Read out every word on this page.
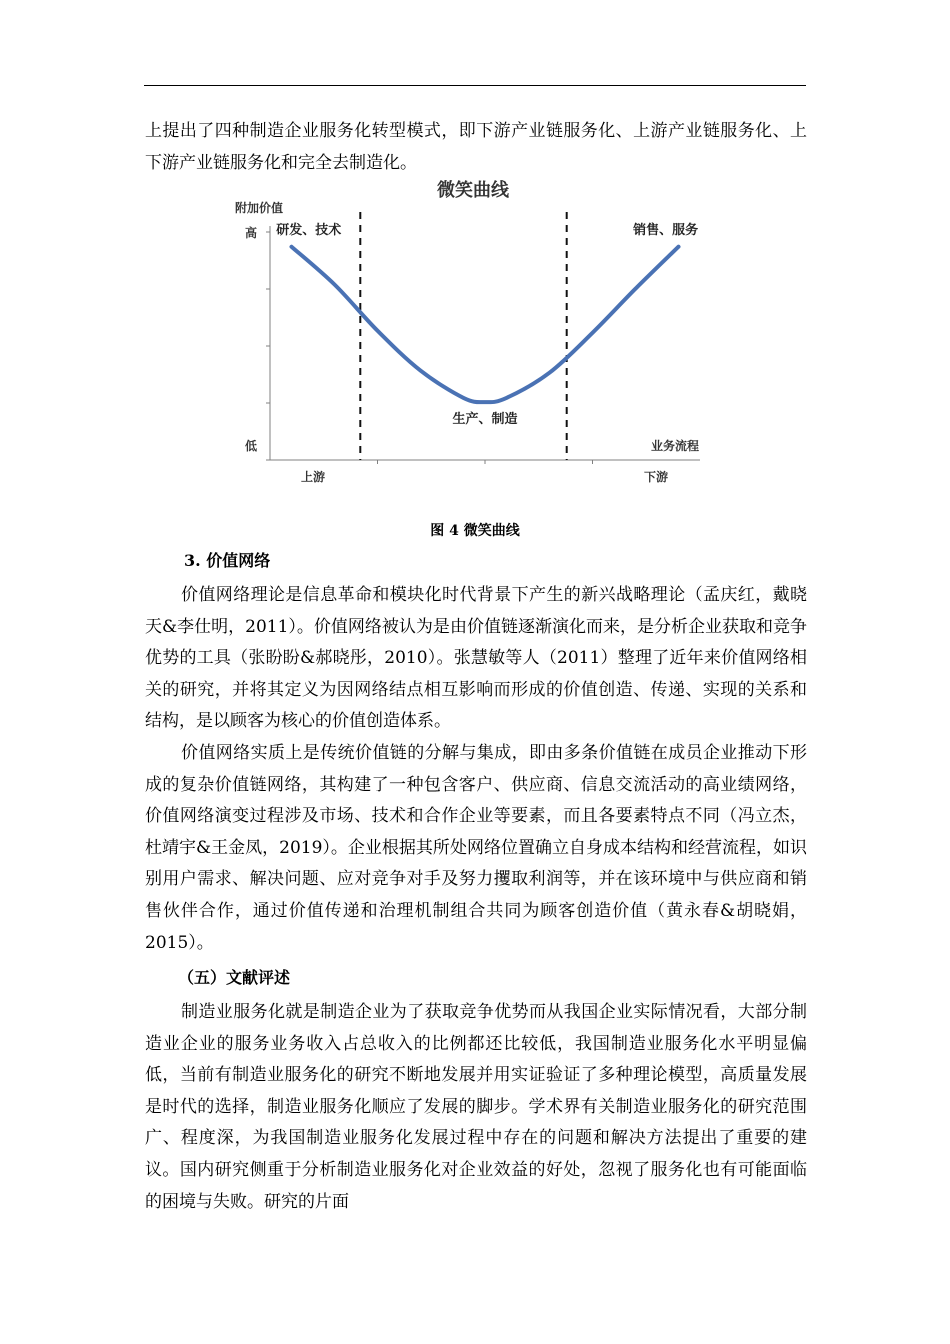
上提出了四种制造企业服务化转型模式，即下游产业链服务化、上游产业链服务化、上下游产业链服务化和完全去制造化。

微笑曲线
附加价值
高
低
上游	下游
业务流程
研发、技术
生产、制造
销售、服务
图 4 微笑曲线

3. 价值网络

价值网络理论是信息革命和模块化时代背景下产生的新兴战略理论（孟庆红，戴晓天&李仕明，2011）。价值网络被认为是由价值链逐渐演化而来，是分析企业获取和竞争优势的工具（张盼盼&郝晓彤，2010）。张慧敏等人（2011）整理了近年来价值网络相关的研究，并将其定义为因网络结点相互影响而形成的价值创造、传递、实现的关系和结构，是以顾客为核心的价值创造体系。

价值网络实质上是传统价值链的分解与集成，即由多条价值链在成员企业推动下形成的复杂价值链网络，其构建了一种包含客户、供应商、信息交流活动的高业绩网络，价值网络演变过程涉及市场、技术和合作企业等要素，而且各要素特点不同（冯立杰，杜靖宇&王金凤，2019）。企业根据其所处网络位置确立自身成本结构和经营流程，如识别用户需求、解决问题、应对竞争对手及努力攫取利润等，并在该环境中与供应商和销售伙伴合作，通过价值传递和治理机制组合共同为顾客创造价值（黄永春&胡晓娟，2015）。

（五）文献评述

制造业服务化就是制造企业为了获取竞争优势而从我国企业实际情况看，大部分制造业企业的服务业务收入占总收入的比例都还比较低，我国制造业服务化水平明显偏低，当前有制造业服务化的研究不断地发展并用实证验证了多种理论模型，高质量发展是时代的选择，制造业服务化顺应了发展的脚步。学术界有关制造业服务化的研究范围广、程度深，为我国制造业服务化发展过程中存在的问题和解决方法提出了重要的建议。国内研究侧重于分析制造业服务化对企业效益的好处，忽视了服务化也有可能面临的困境与失败。研究的片面
